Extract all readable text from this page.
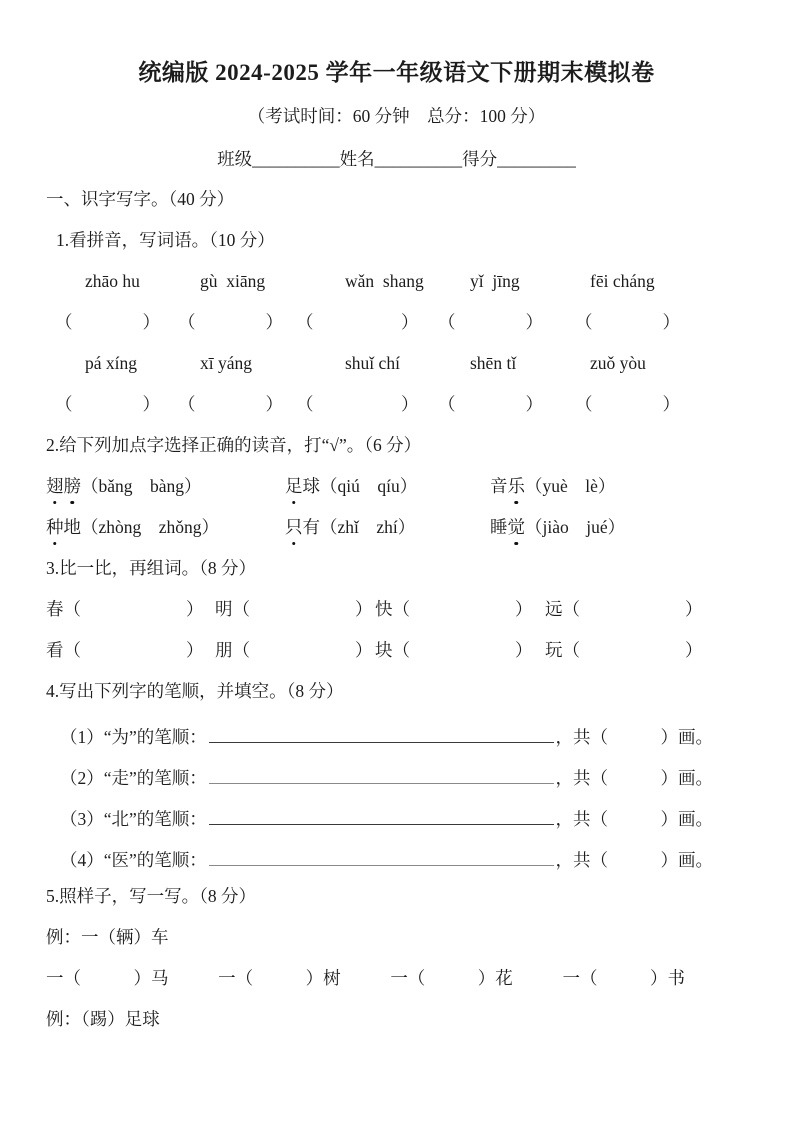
统编版 2024-2025 学年一年级语文下册期末模拟卷
（考试时间：60 分钟　总分：100 分）
班级__________姓名__________得分_________
一、识字写字。（40 分）
1.看拼音，写词语。（10 分）
zhāo hu	gù  xiāng	wǎn  shang	yǐ  jīng	fēi cháng
（　　　　）	（　　　　） （　　　　　）	（　　　　）	（　　　　）
pá xíng	xī yáng	shuǐ chí	shēn tǐ	zuǒ yòu
（　　　　）	（　　　　） （　　　　　）	（　　　　）	（　　　　）
2.给下列加点字选择正确的读音，打“√”。（6 分）
翅膀（bǎng　bàng）	足球（qiú　qíu）	音乐（yuè　lè）
种地（zhòng　zhǒng）	只有（zhǐ　zhí）	睡觉（jiào　jué）
3.比一比，再组词。（8 分）
春（　　　　　　） 明（　　　　　　） 快（　　　　　　） 远（　　　　　　）
看（　　　　　　） 朋（　　　　　　） 块（　　　　　　） 玩（　　　　　　）
4.写出下列字的笔顺，并填空。（8 分）
（1）“为”的笔顺：	，共（　　　）画。
（2）“走”的笔顺：	，共（　　　）画。
（3）“北”的笔顺：	，共（　　　）画。
（4）“医”的笔顺：	，共（　　　）画。
5.照样子，写一写。（8 分）
例：一（辆）车
一（　　　）马	一（　　　）树	一（　　　）花	一（　　　）书
例：（踢）足球
